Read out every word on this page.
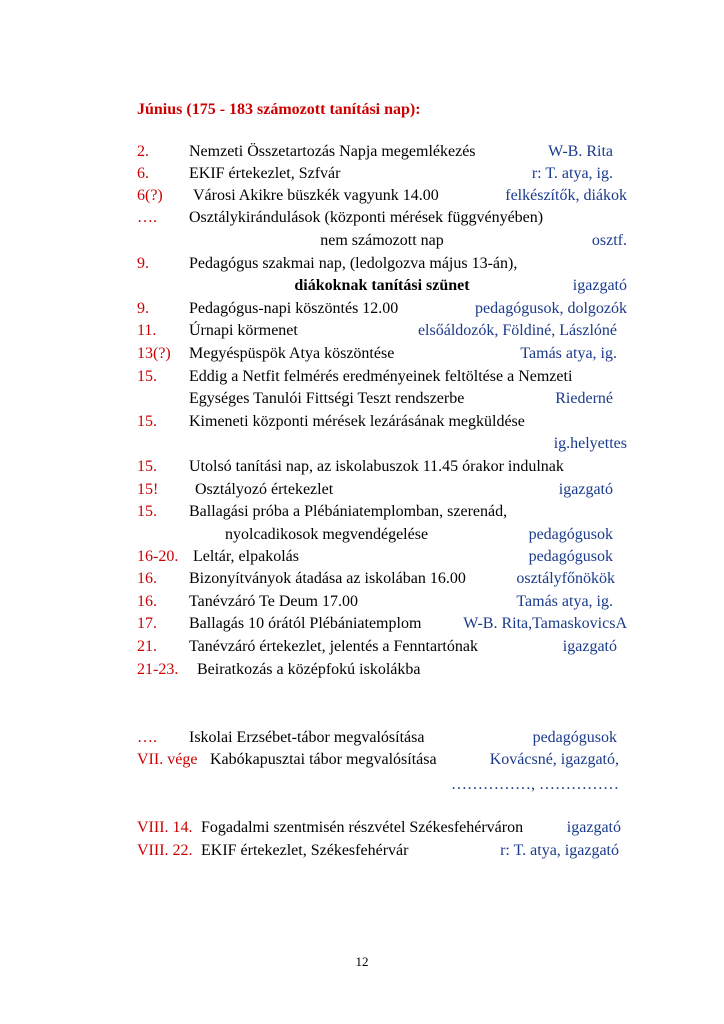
Június (175 - 183 számozott tanítási nap):
2.	Nemzeti Összetartozás Napja megemlékezés	W-B. Rita
6.	EKIF értekezlet, Szfvár	r: T. atya, ig.
6(?) Városi Akikre büszkék vagyunk 14.00	felkészítők, diákok
…. Osztálykirándulások (központi mérések függvényében)
nem számozott nap	osztf.
9.	Pedagógus szakmai nap, (ledolgozva május 13-án),
diákoknak tanítási szünet	igazgató
9.	Pedagógus-napi köszöntés 12.00	pedagógusok, dolgozók
11. Úrnapi körmenet	elsőáldozók, Földiné, Lászlóné
13(?) Megyéspüspök Atya köszöntése	Tamás atya, ig.
15. Eddig a Netfit felmérés eredményeinek feltöltése a Nemzeti
Egységes Tanulói Fittségi Teszt rendszerbe	Riederné
15. Kimeneti központi mérések lezárásának megküldése
ig.helyettes
15. Utolsó tanítási nap, az iskolabuszok 11.45 órakor indulnak
15! Osztályozó értekezlet	igazgató
15. Ballagási próba a Plébániatemplomban, szerenád,
nyolcadikosok megvendégelése	pedagógusok
16-20. Leltár, elpakolás	pedagógusok
16. Bizonyítványok átadása az iskolában 16.00	osztályfőnökök
16. Tanévzáró Te Deum 17.00	Tamás atya, ig.
17. Ballagás 10 órától Plébániatemplom	W-B. Rita,TamaskovicsA
21. Tanévzáró értekezlet, jelentés a Fenntartónak	igazgató
21-23. Beiratkozás a középfokú iskolákba
…. Iskolai Erzsébet-tábor megvalósítása	pedagógusok
VII. vége Kabókapusztai tábor megvalósítása	Kovácsné, igazgató,
……………, ……………
VIII. 14. Fogadalmi szentmisén részvétel Székesfehérváron	igazgató
VIII. 22. EKIF értekezlet, Székesfehérvár	r: T. atya, igazgató
12
